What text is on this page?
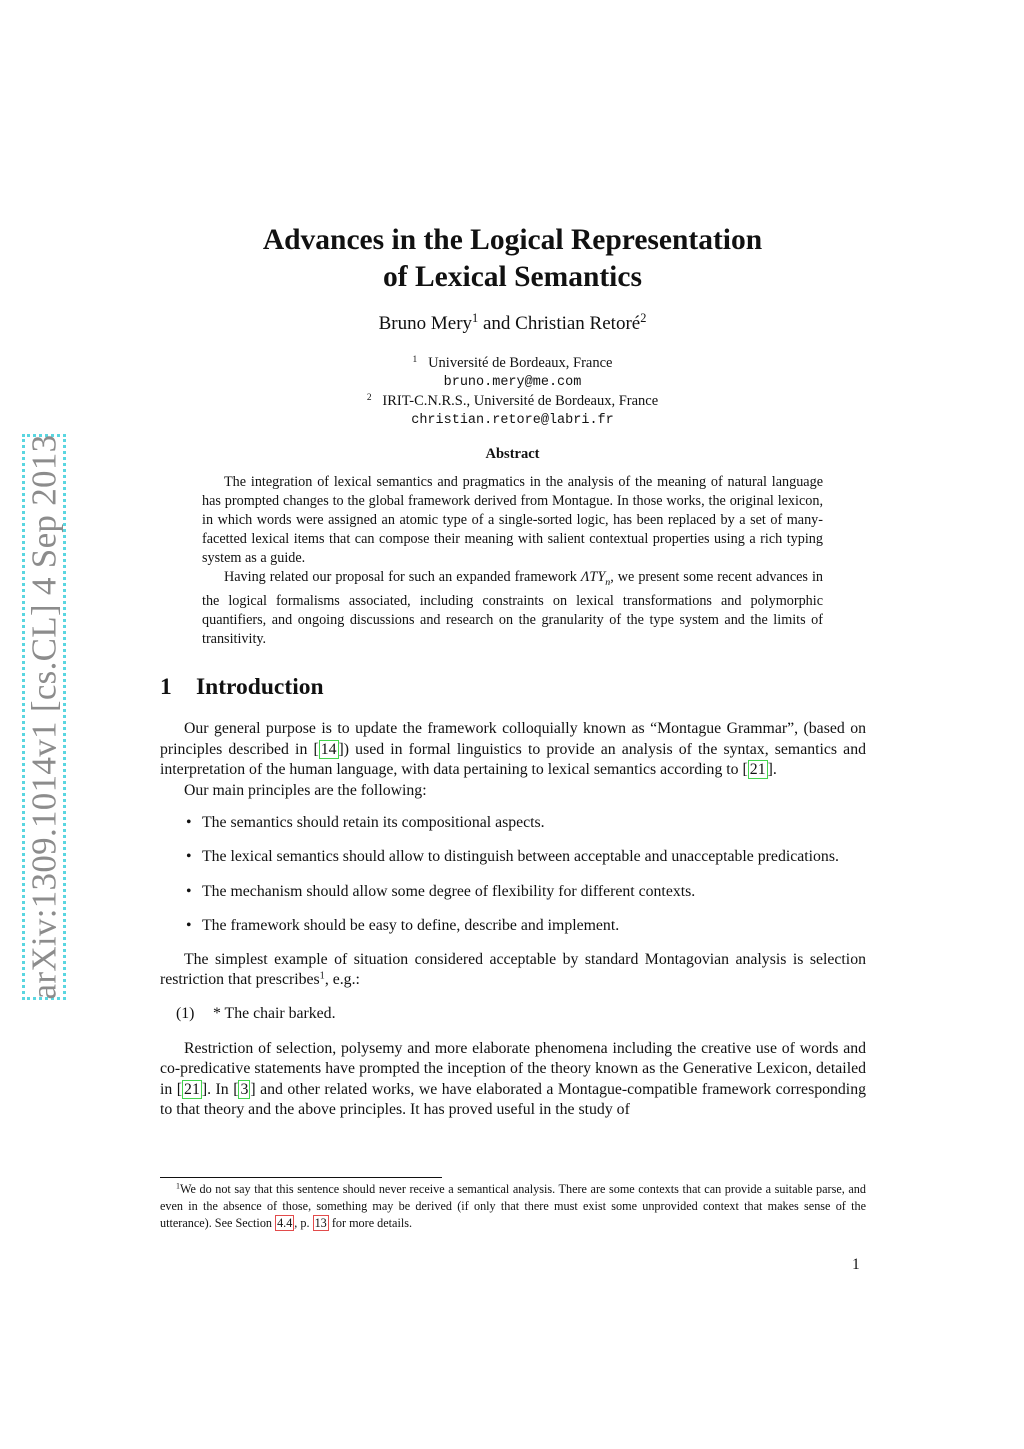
arXiv:1309.1014v1 [cs.CL] 4 Sep 2013
Advances in the Logical Representation
of Lexical Semantics
Bruno Mery$^1$ and Christian Retoré$^2$
$^1$ Université de Bordeaux, France
bruno.mery@me.com
$^2$ IRIT-C.N.R.S., Université de Bordeaux, France
christian.retore@labri.fr
Abstract

The integration of lexical semantics and pragmatics in the analysis of the meaning of natural language has prompted changes to the global framework derived from Montague. In those works, the original lexicon, in which words were assigned an atomic type of a single-sorted logic, has been replaced by a set of many-facetted lexical items that can compose their meaning with salient contextual properties using a rich typing system as a guide.

Having related our proposal for such an expanded framework $\Lambda TY_n$, we present some recent advances in the logical formalisms associated, including constraints on lexical transformations and polymorphic quantifiers, and ongoing discussions and research on the granularity of the type system and the limits of transitivity.

1 Introduction

Our general purpose is to update the framework colloquially known as “Montague Grammar”, (based on principles described in [ 14 ]) used in formal linguistics to provide an analysis of the syntax, semantics and interpretation of the human language, with data pertaining to lexical semantics according to [ 21 ].

Our main principles are the following:

• The semantics should retain its compositional aspects.
• The lexical semantics should allow to distinguish between acceptable and unacceptable predications.
• The mechanism should allow some degree of flexibility for different contexts.
• The framework should be easy to define, describe and implement.

The simplest example of situation considered acceptable by standard Montagovian analysis is selection restriction that prescribes$^1$, e.g.:

(1) * The chair barked.

Restriction of selection, polysemy and more elaborate phenomena including the creative use of words and co-predicative statements have prompted the inception of the theory known as the Generative Lexicon, detailed in [ 21 ]. In [ 3 ] and other related works, we have elaborated a Montague-compatible framework corresponding to that theory and the above principles. It has proved useful in the study of

$^1$We do not say that this sentence should never receive a semantical analysis. There are some contexts that can provide a suitable parse, and even in the absence of those, something may be derived (if only that there must exist some unprovided context that makes sense of the utterance). See Section 4.4 , p. 13 for more details.

1
